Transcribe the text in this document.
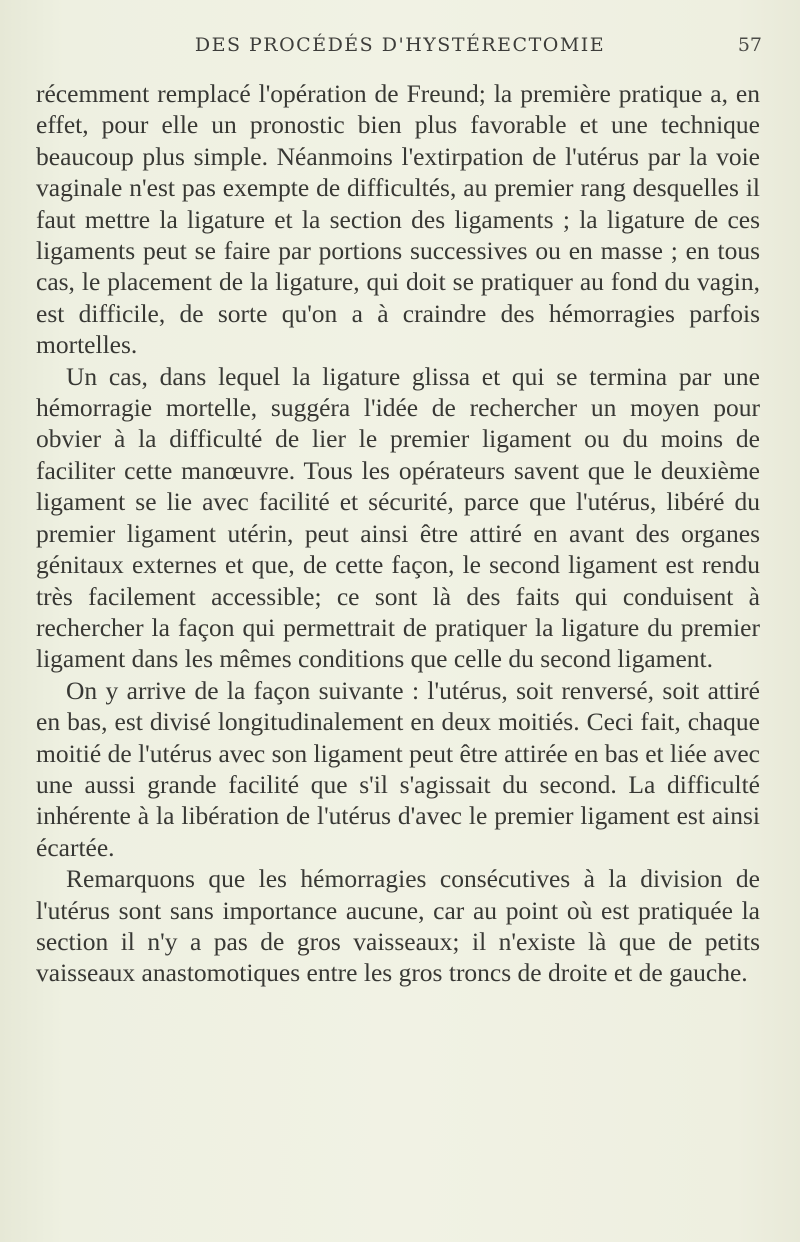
DES PROCÉDÉS D'HYSTÉRECTOMIE	57

récemment remplacé l'opération de Freund; la première pratique a, en effet, pour elle un pronostic bien plus favorable et une technique beaucoup plus simple. Néanmoins l'extirpation de l'utérus par la voie vaginale n'est pas exempte de difficultés, au premier rang desquelles il faut mettre la ligature et la section des ligaments ; la ligature de ces ligaments peut se faire par portions successives ou en masse ; en tous cas, le placement de la ligature, qui doit se pratiquer au fond du vagin, est difficile, de sorte qu'on a à craindre des hémorragies parfois mortelles.

Un cas, dans lequel la ligature glissa et qui se termina par une hémorragie mortelle, suggéra l'idée de rechercher un moyen pour obvier à la difficulté de lier le premier ligament ou du moins de faciliter cette manœuvre. Tous les opérateurs savent que le deuxième ligament se lie avec facilité et sécurité, parce que l'utérus, libéré du premier ligament utérin, peut ainsi être attiré en avant des organes génitaux externes et que, de cette façon, le second ligament est rendu très facilement accessible; ce sont là des faits qui conduisent à rechercher la façon qui permettrait de pratiquer la ligature du premier ligament dans les mêmes conditions que celle du second ligament.

On y arrive de la façon suivante : l'utérus, soit renversé, soit attiré en bas, est divisé longitudinalement en deux moitiés. Ceci fait, chaque moitié de l'utérus avec son ligament peut être attirée en bas et liée avec une aussi grande facilité que s'il s'agissait du second. La difficulté inhérente à la libération de l'utérus d'avec le premier ligament est ainsi écartée.

Remarquons que les hémorragies consécutives à la division de l'utérus sont sans importance aucune, car au point où est pratiquée la section il n'y a pas de gros vaisseaux; il n'existe là que de petits vaisseaux anastomotiques entre les gros troncs de droite et de gauche.
